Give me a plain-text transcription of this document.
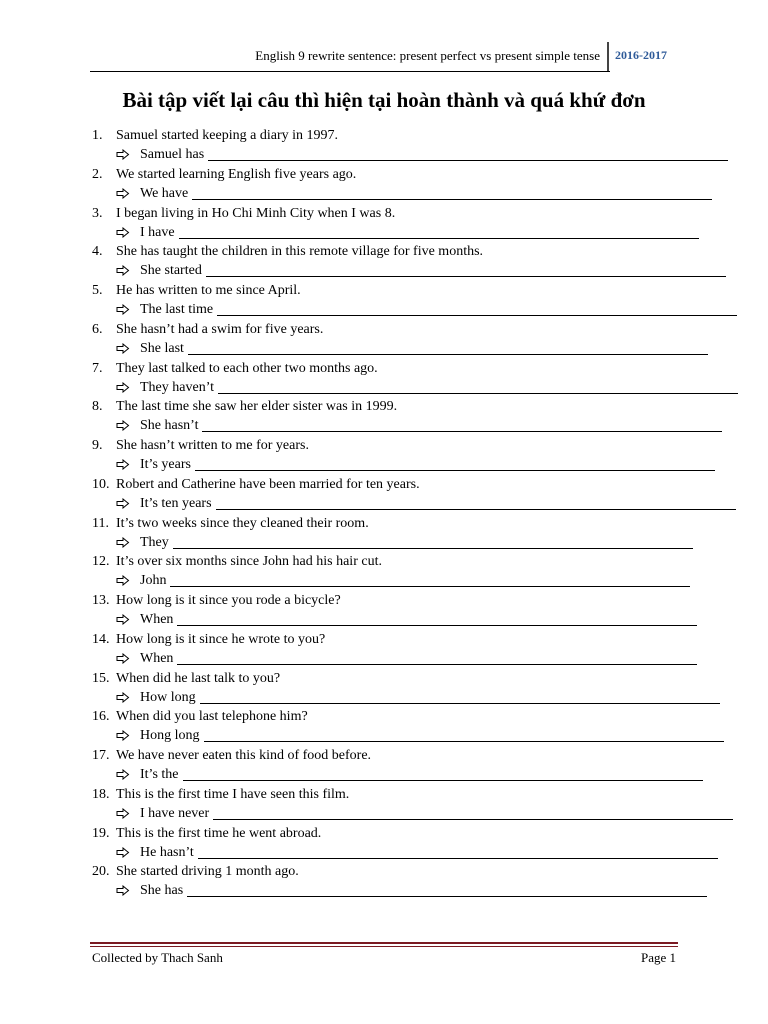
English 9 rewrite sentence: present perfect vs present simple tense 2016-2017
Bài tập viết lại câu thì hiện tại hoàn thành và quá khứ đơn
1. Samuel started keeping a diary in 1997.
Samuel has
2. We started learning English five years ago.
We have
3. I began living in Ho Chi Minh City when I was 8.
I have
4. She has taught the children in this remote village for five months.
She started
5. He has written to me since April.
The last time
6. She hasn’t had a swim for five years.
She last
7. They last talked to each other two months ago.
They haven’t
8. The last time she saw her elder sister was in 1999.
She hasn’t
9. She hasn’t written to me for years.
It’s years
10. Robert and Catherine have been married for ten years.
It’s ten years
11. It’s two weeks since they cleaned their room.
They
12. It’s over six months since John had his hair cut.
John
13. How long is it since you rode a bicycle?
When
14. How long is it since he wrote to you?
When
15. When did he last talk to you?
How long
16. When did you last telephone him?
Hong long
17. We have never eaten this kind of food before.
It’s the
18. This is the first time I have seen this film.
I have never
19. This is the first time he went abroad.
He hasn’t
20. She started driving 1 month ago.
She has
Collected by Thach Sanh	Page 1
